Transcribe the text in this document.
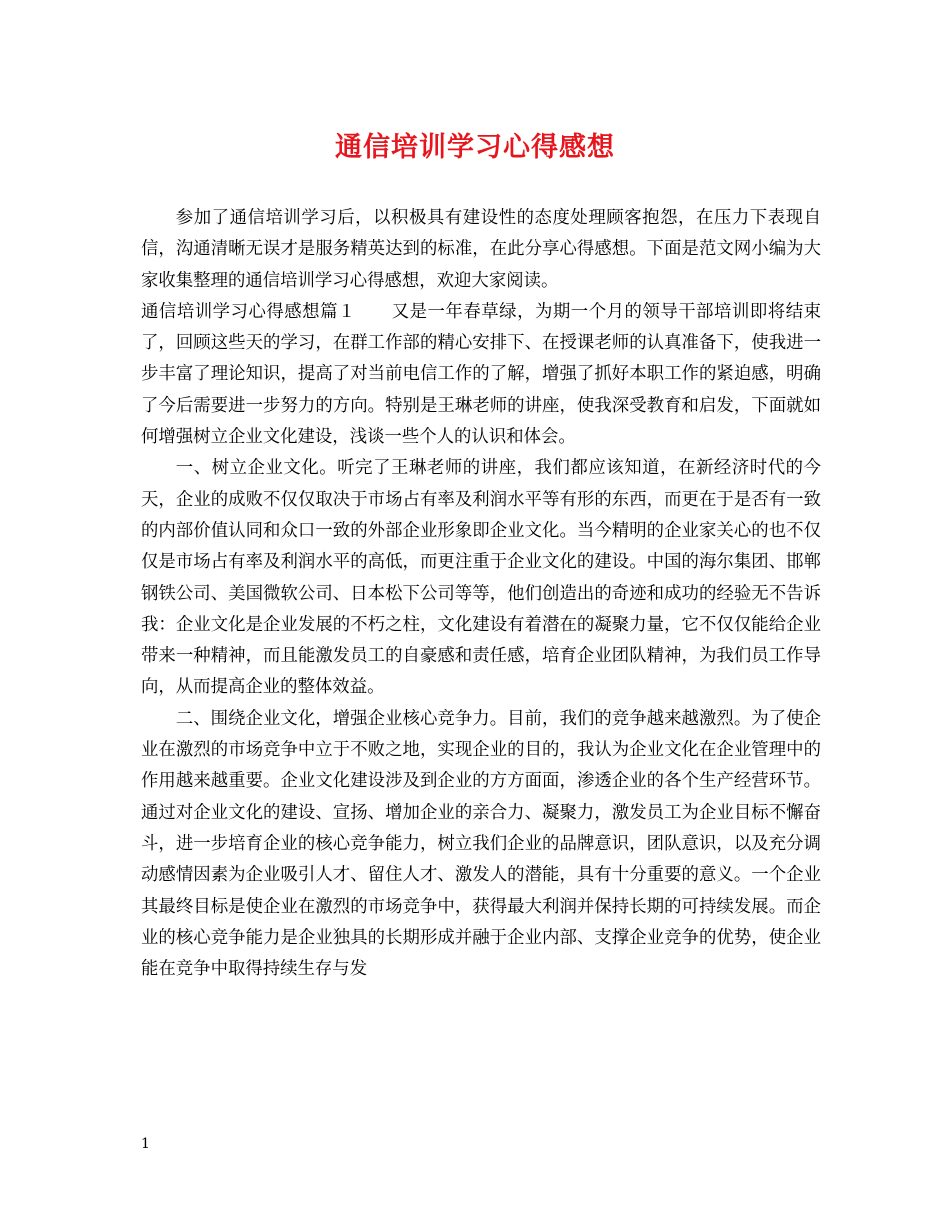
通信培训学习心得感想

参加了通信培训学习后，以积极具有建设性的态度处理顾客抱怨，在压力下表现自信，沟通清晰无误才是服务精英达到的标准，在此分享心得感想。下面是范文网小编为大家收集整理的通信培训学习心得感想，欢迎大家阅读。

通信培训学习心得感想篇１　　又是一年春草绿，为期一个月的领导干部培训即将结束了，回顾这些天的学习，在群工作部的精心安排下、在授课老师的认真准备下，使我进一步丰富了理论知识，提高了对当前电信工作的了解，增强了抓好本职工作的紧迫感，明确了今后需要进一步努力的方向。特别是王琳老师的讲座，使我深受教育和启发，下面就如何增强树立企业文化建设，浅谈一些个人的认识和体会。

一、树立企业文化。听完了王琳老师的讲座，我们都应该知道，在新经济时代的今天，企业的成败不仅仅取决于市场占有率及利润水平等有形的东西，而更在于是否有一致的内部价值认同和众口一致的外部企业形象即企业文化。当今精明的企业家关心的也不仅仅是市场占有率及利润水平的高低，而更注重于企业文化的建设。中国的海尔集团、邯郸钢铁公司、美国微软公司、日本松下公司等等，他们创造出的奇迹和成功的经验无不告诉我：企业文化是企业发展的不朽之柱，文化建设有着潜在的凝聚力量，它不仅仅能给企业带来一种精神，而且能激发员工的自豪感和责任感，培育企业团队精神，为我们员工作导向，从而提高企业的整体效益。

二、围绕企业文化，增强企业核心竞争力。目前，我们的竞争越来越激烈。为了使企业在激烈的市场竞争中立于不败之地，实现企业的目的，我认为企业文化在企业管理中的作用越来越重要。企业文化建设涉及到企业的方方面面，渗透企业的各个生产经营环节。通过对企业文化的建设、宣扬、增加企业的亲合力、凝聚力，激发员工为企业目标不懈奋斗，进一步培育企业的核心竞争能力，树立我们企业的品牌意识，团队意识，以及充分调动感情因素为企业吸引人才、留住人才、激发人的潜能，具有十分重要的意义。一个企业其最终目标是使企业在激烈的市场竞争中，获得最大利润并保持长期的可持续发展。而企业的核心竞争能力是企业独具的长期形成并融于企业内部、支撑企业竞争的优势，使企业能在竞争中取得持续生存与发

1
